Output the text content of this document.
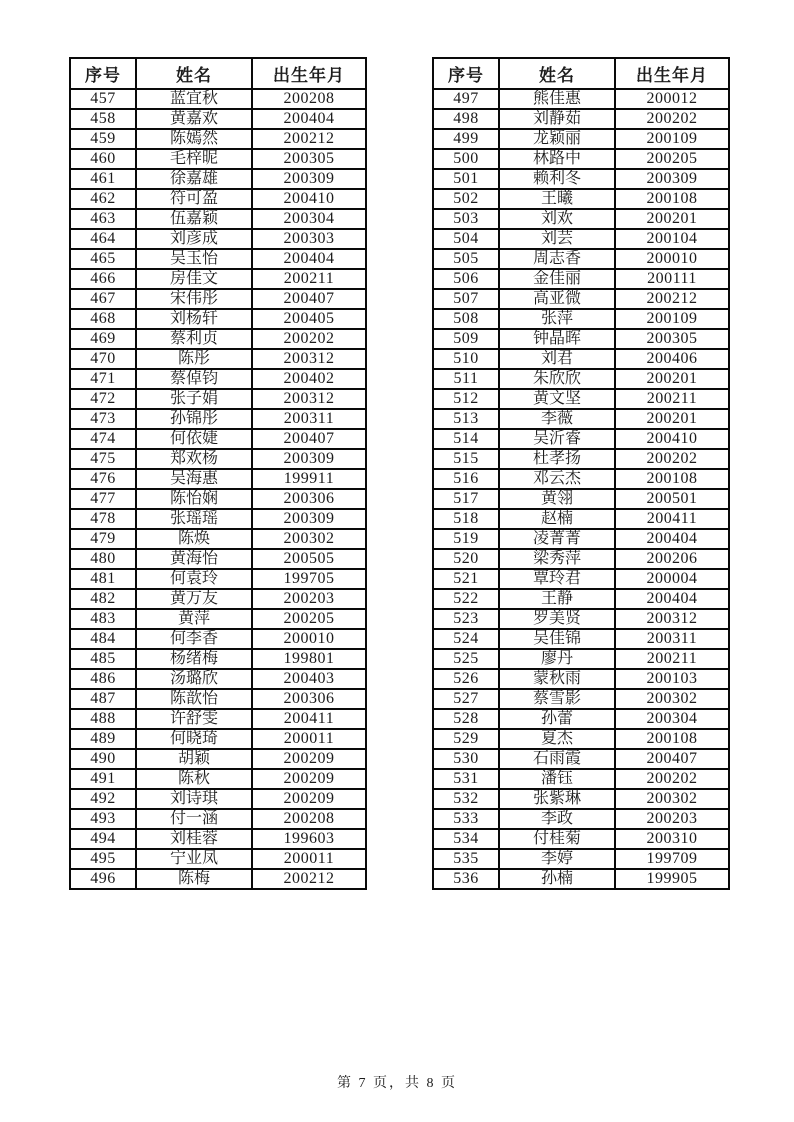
序号	姓名	出生年月
457	蓝宜秋	200208
458	黄嘉欢	200404
459	陈嫣然	200212
460	毛梓昵	200305
461	徐嘉雄	200309
462	符可盈	200410
463	伍嘉颖	200304
464	刘彦成	200303
465	吴玉怡	200404
466	房佳文	200211
467	宋伟彤	200407
468	刘杨轩	200405
469	蔡利贞	200202
470	陈彤	200312
471	蔡倬钧	200402
472	张子娟	200312
473	孙锦彤	200311
474	何依婕	200407
475	郑欢杨	200309
476	吴海惠	199911
477	陈怡娴	200306
478	张瑶瑶	200309
479	陈焕	200302
480	黄海怡	200505
481	何袁玲	199705
482	黄万友	200203
483	黄萍	200205
484	何李香	200010
485	杨绪梅	199801
486	汤璐欣	200403
487	陈歆怡	200306
488	许舒雯	200411
489	何晓琦	200011
490	胡颖	200209
491	陈秋	200209
492	刘诗琪	200209
493	付一涵	200208
494	刘桂蓉	199603
495	宁业凤	200011
496	陈梅	200212
序号	姓名	出生年月
497	熊佳惠	200012
498	刘静茹	200202
499	龙颖丽	200109
500	林路中	200205
501	赖利冬	200309
502	王曦	200108
503	刘欢	200201
504	刘芸	200104
505	周志香	200010
506	金佳丽	200111
507	高亚微	200212
508	张萍	200109
509	钟晶晖	200305
510	刘君	200406
511	朱欣欣	200201
512	黄文坚	200211
513	李薇	200201
514	吴沂睿	200410
515	杜孝扬	200202
516	邓云杰	200108
517	黄翎	200501
518	赵楠	200411
519	凌菁菁	200404
520	梁秀萍	200206
521	覃玲君	200004
522	王静	200404
523	罗美贤	200312
524	吴佳锦	200311
525	廖丹	200211
526	蒙秋雨	200103
527	蔡雪影	200302
528	孙蕾	200304
529	夏杰	200108
530	石雨霞	200407
531	潘钰	200202
532	张紫琳	200302
533	李政	200203
534	付桂菊	200310
535	李婷	199709
536	孙楠	199905
第 7 页，共 8 页
